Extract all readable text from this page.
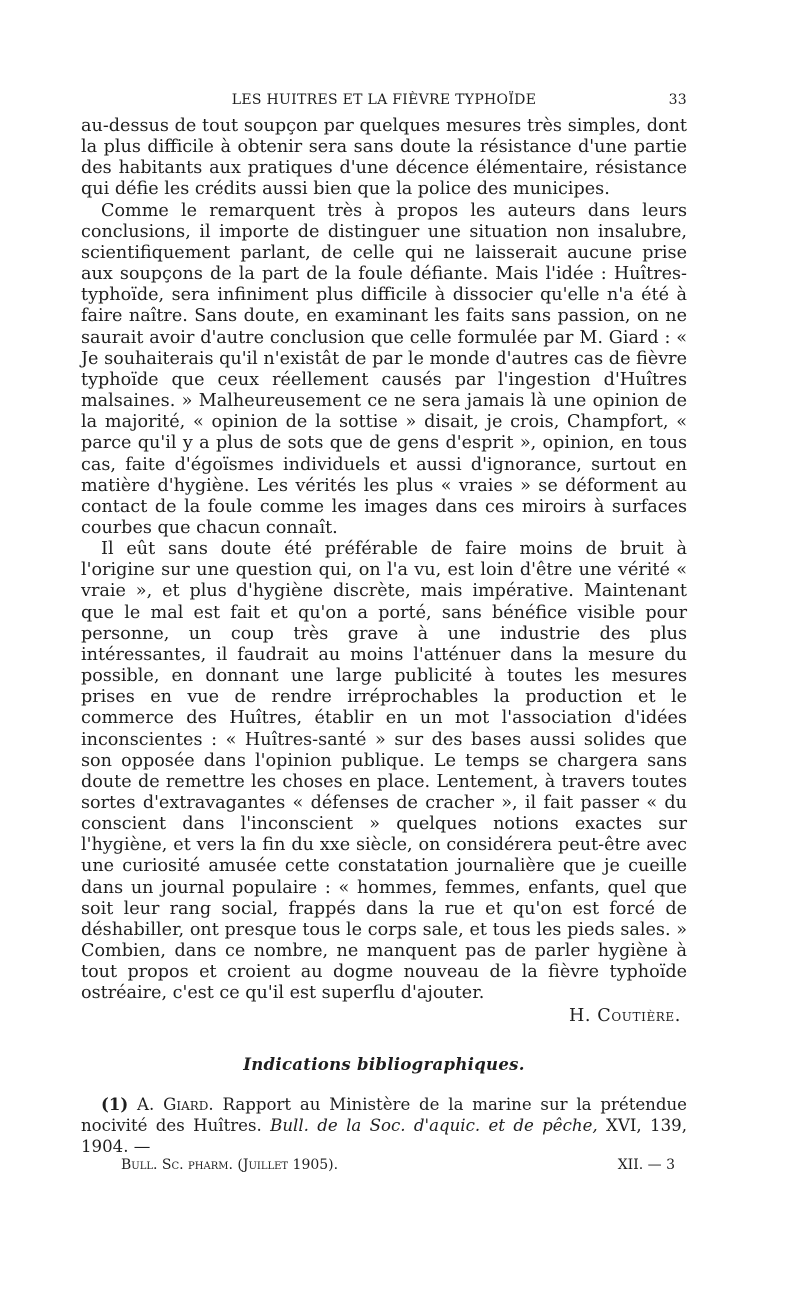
LES HUITRES ET LA FIÈVRE TYPHOÏDE	33

au-dessus de tout soupçon par quelques mesures très simples, dont la plus difficile à obtenir sera sans doute la résistance d'une partie des habitants aux pratiques d'une décence élémentaire, résistance qui défie les crédits aussi bien que la police des municipes.

Comme le remarquent très à propos les auteurs dans leurs conclusions, il importe de distinguer une situation non insalubre, scientifiquement parlant, de celle qui ne laisserait aucune prise aux soupçons de la part de la foule défiante. Mais l'idée : Huîtres-typhoïde, sera infiniment plus difficile à dissocier qu'elle n'a été à faire naître. Sans doute, en examinant les faits sans passion, on ne saurait avoir d'autre conclusion que celle formulée par M. Giard : « Je souhaiterais qu'il n'existât de par le monde d'autres cas de fièvre typhoïde que ceux réellement causés par l'ingestion d'Huîtres malsaines. » Malheureusement ce ne sera jamais là une opinion de la majorité, « opinion de la sottise » disait, je crois, Champfort, « parce qu'il y a plus de sots que de gens d'esprit », opinion, en tous cas, faite d'égoïsmes individuels et aussi d'ignorance, surtout en matière d'hygiène. Les vérités les plus « vraies » se déforment au contact de la foule comme les images dans ces miroirs à surfaces courbes que chacun connaît.

Il eût sans doute été préférable de faire moins de bruit à l'origine sur une question qui, on l'a vu, est loin d'être une vérité « vraie », et plus d'hygiène discrète, mais impérative. Maintenant que le mal est fait et qu'on a porté, sans bénéfice visible pour personne, un coup très grave à une industrie des plus intéressantes, il faudrait au moins l'atténuer dans la mesure du possible, en donnant une large publicité à toutes les mesures prises en vue de rendre irréprochables la production et le commerce des Huîtres, établir en un mot l'association d'idées inconscientes : « Huîtres-santé » sur des bases aussi solides que son opposée dans l'opinion publique. Le temps se chargera sans doute de remettre les choses en place. Lentement, à travers toutes sortes d'extravagantes « défenses de cracher », il fait passer « du conscient dans l'inconscient » quelques notions exactes sur l'hygiène, et vers la fin du xxe siècle, on considérera peut-être avec une curiosité amusée cette constatation journalière que je cueille dans un journal populaire : « hommes, femmes, enfants, quel que soit leur rang social, frappés dans la rue et qu'on est forcé de déshabiller, ont presque tous le corps sale, et tous les pieds sales. » Combien, dans ce nombre, ne manquent pas de parler hygiène à tout propos et croient au dogme nouveau de la fièvre typhoïde ostréaire, c'est ce qu'il est superflu d'ajouter.

H. Coutière.
Indications bibliographiques.

(1) A. Giard. Rapport au Ministère de la marine sur la prétendue nocivité des Huîtres. Bull. de la Soc. d'aquic. et de pêche, XVI, 139, 1904. —

Bull. Sc. pharm. (Juillet 1905).	XII. — 3
